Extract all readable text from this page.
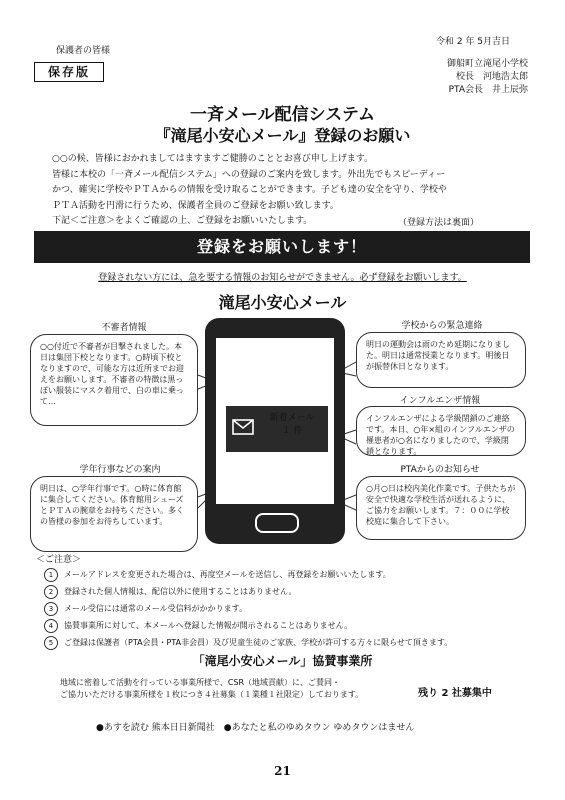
保護者の皆様
保存版
令和 2 年 5月吉日
御船町立滝尾小学校
校長　河地浩太郎
PTA会長　井上辰弥
一斉メール配信システム
『滝尾小安心メール』登録のお願い

○○の候、皆様におかれましてはますますご健勝のこととお喜び申し上げます。

皆様に本校の「一斉メール配信システム」への登録のご案内を致します。外出先でもスピーディー

かつ、確実に学校やＰＴＡからの情報を受け取ることができます。子ども達の安全を守り、学校や

ＰＴＡ活動を円滑に行うため、保護者全員のご登録をお願い致します。

下記＜ご注意＞をよくご確認の上、ご登録をお願いいたします。	（登録方法は裏面）
登録をお願いします！
登録されない方には、急を要する情報のお知らせができません。必ず登録をお願いします。
滝尾小安心メール
新着メール
１ 件
不審者情報
○○付近で不審者が目撃されました。本日は集団下校となります。○時頃下校となりますので、可能な方は近所までお迎えをお願いします。不審者の特徴は黒っぽい服装にマスク着用で、白の車に乗って…
学年行事などの案内
明日は、○学年行事です。○時に体育館に集合してください。体育館用シューズとＰＴＡの腕章をお持ちください。多くの皆様の参加をお待ちしています。
学校からの緊急連絡
明日の運動会は雨のため延期になりました。明日は通常授業となります。明後日が振替休日となります。
インフルエンザ情報
インフルエンザによる学級閉鎖のご連絡です。本日、○年×組のインフルエンザの罹患者が○名になりましたので、学級閉鎖となります。
PTAからのお知らせ
○月○日は校内美化作業です。子供たちが安全で快適な学校生活が送れるように、ご協力をお願いします。７：００に学校校庭に集合して下さい。
＜ご注意＞
1	メールアドレスを変更された場合は、再度空メールを送信し、再登録をお願いいたします。
2	登録された個人情報は、配信以外に使用することはありません。
3	メール受信には通常のメール受信料がかかります。
4	協賛事業所に対して、本メールへ登録した情報が開示されることはありません。
5	ご登録は保護者（PTA会員・PTA非会員）及び児童生徒のご家族、学校が許可する方々に限らせて頂きます。
「滝尾小安心メール」協賛事業所
地域に密着して活動を行っている事業所様で、CSR（地域貢献）に、ご賛同・
ご協力いただける事業所様を１枚につき４社募集（１業種１社限定）しております。	残り 2 社募集中
●あすを読む 熊本日日新聞社　●あなたと私のゆめタウン ゆめタウンはません
21
